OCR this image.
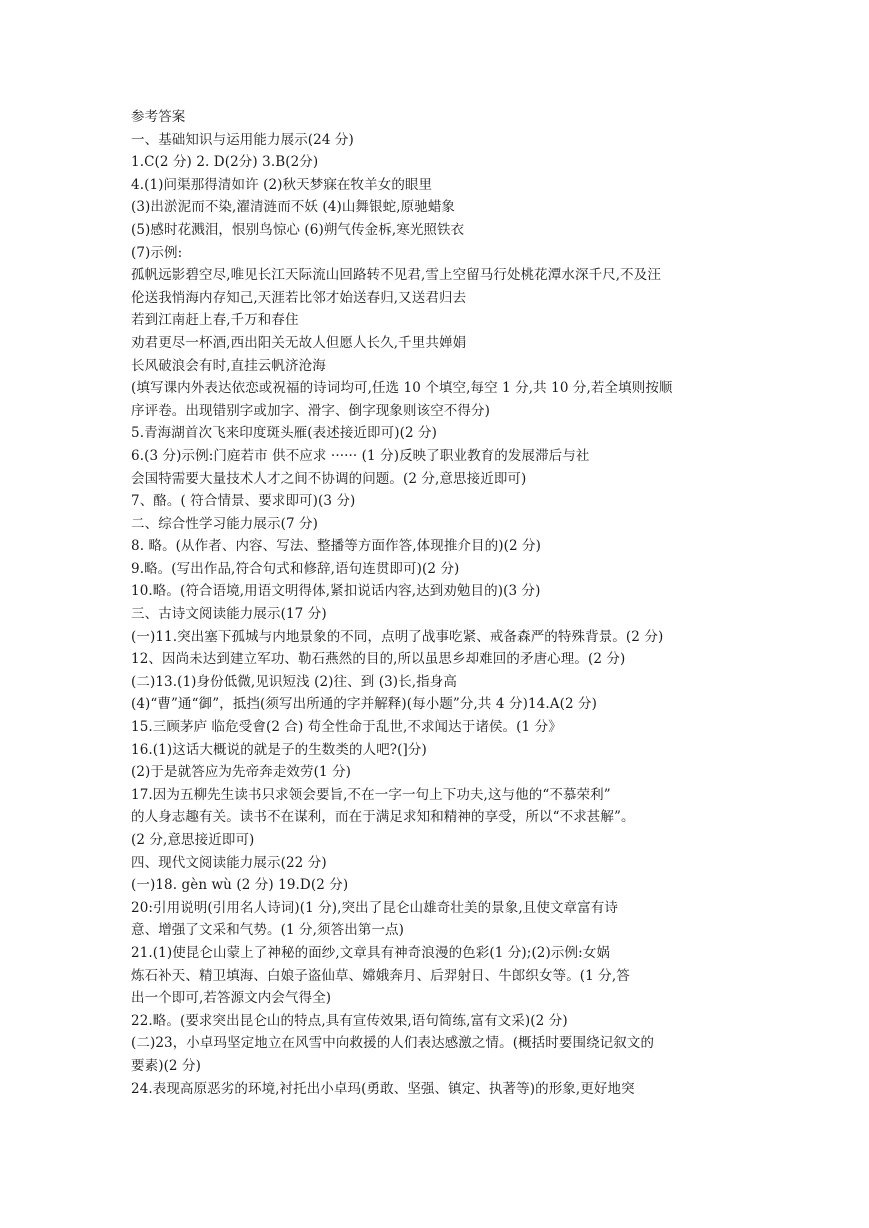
参考答案
一、基础知识与运用能力展示(24 分)
1.C(2 分) 2. D(2分) 3.B(2分)
4.(1)问渠那得清如许 (2)秋天梦寐在牧羊女的眼里
(3)出淤泥而不染,濯清涟而不妖 (4)山舞银蛇,原驰蜡象
(5)感时花溅泪，恨别鸟惊心 (6)朔气传金柝,寒光照铁衣
(7)示例:
孤帆远影碧空尽,唯见长江天际流山回路转不见君,雪上空留马行处桃花潭水深千尺,不及汪
伦送我悄海内存知己,天涯若比邻才始送春归,又送君归去
若到江南赶上春,千万和春住
劝君更尽一杯酒,西出阳关无故人但愿人长久,千里共婵娟
长风破浪会有时,直挂云帆济沧海
(填写课内外表达依恋或祝福的诗词均可,任选 10 个填空,每空 1 分,共 10 分,若全填则按顺
序评卷。出现错别字或加字、滑字、倒字现象则该空不得分)
5.青海湖首次飞来印度斑头雁(表述接近即可)(2 分)
6.(3 分)示例:门庭若市 供不应求 ······ (1 分)反映了职业教育的发展滞后与社
会国特需要大量技术人才之间不协调的问题。(2 分,意思接近即可)
7、酪。( 符合情景、要求即可)(3 分)
二、综合性学习能力展示(7 分)
8. 略。(从作者、内容、写法、整播等方面作答,体现推介目的)(2 分)
9.略。(写出作品,符合句式和修辞,语句连贯即可)(2 分)
10.略。(符合语境,用语文明得体,紧扣说话内容,达到劝勉目的)(3 分)
三、古诗文阅读能力展示(17 分)
(一)11.突出塞下孤城与内地景象的不同，点明了战事吃紧、戒备森严的特殊背景。(2 分)
12、因尚未达到建立军功、勒石燕然的目的,所以虽思乡却难回的矛唐心理。(2 分)
(二)13.(1)身份低微,见识短浅 (2)往、到 (3)长,指身高
(4)“曹”通“御”，抵挡(须写出所通的字并解释)(每小题”分,共 4 分)14.A(2 分)
15.三顾茅庐 临危受會(2 合) 苟全性命于乱世,不求闻达于诸侯。(1 分》
16.(1)这话大概说的就是子的生数类的人吧?(]分)
(2)于是就答应为先帝奔走效劳(1 分)
17.因为五柳先生读书只求领会要旨,不在一字一句上下功夫,这与他的“不慕荣利”
的人身志趣有关。读书不在谋利，而在于满足求知和精神的享受，所以“不求甚解”。
(2 分,意思接近即可)
四、现代文阅读能力展示(22 分)
(一)18. gèn wù (2 分) 19.D(2 分)
20:引用说明(引用名人诗词)(1 分),突出了昆仑山雄奇壮美的景象,且使文章富有诗
意、增强了文采和气势。(1 分,须答出第一点)
21.(1)使昆仑山蒙上了神秘的面纱,文章具有神奇浪漫的色彩(1 分);(2)示例:女娲
炼石补天、精卫填海、白娘子盗仙草、嫦娥奔月、后羿射日、牛郎织女等。(1 分,答
出一个即可,若答源文内会气得全)
22.略。(要求突出昆仑山的特点,具有宣传效果,语句简练,富有文采)(2 分)
(二)23，小卓玛坚定地立在风雪中向救援的人们表达感激之情。(概括时要围绕记叙文的
要素)(2 分)
24.表现高原恶劣的环境,衬托出小卓玛(勇敢、坚强、镇定、执著等)的形象,更好地突
